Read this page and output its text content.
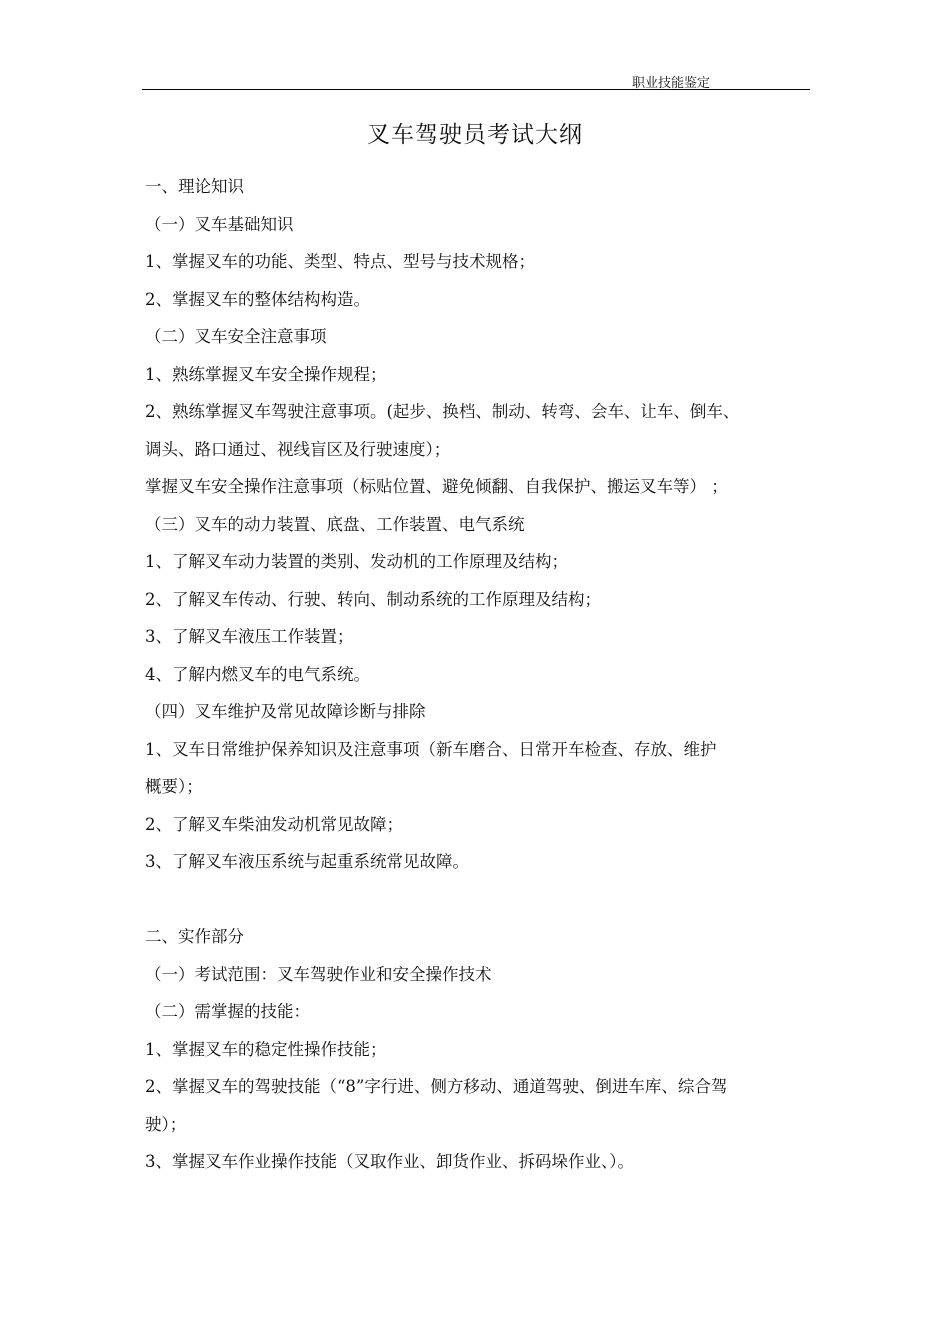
职业技能鉴定
叉车驾驶员考试大纲
一、理论知识
（一）叉车基础知识
1、掌握叉车的功能、类型、特点、型号与技术规格；
2、掌握叉车的整体结构构造。
（二）叉车安全注意事项
1、熟练掌握叉车安全操作规程；
2、熟练掌握叉车驾驶注意事项。(起步、换档、制动、转弯、会车、让车、倒车、
调头、路口通过、视线盲区及行驶速度）；
掌握叉车安全操作注意事项（标贴位置、避免倾翻、自我保护、搬运叉车等） ；
（三）叉车的动力装置、底盘、工作装置、电气系统
1、了解叉车动力装置的类别、发动机的工作原理及结构；
2、了解叉车传动、行驶、转向、制动系统的工作原理及结构；
3、了解叉车液压工作装置；
4、了解内燃叉车的电气系统。
（四）叉车维护及常见故障诊断与排除
1、叉车日常维护保养知识及注意事项（新车磨合、日常开车检查、存放、维护
概要）；
2、了解叉车柴油发动机常见故障；
3、了解叉车液压系统与起重系统常见故障。
二、实作部分
（一）考试范围：叉车驾驶作业和安全操作技术
（二）需掌握的技能：
1、掌握叉车的稳定性操作技能；
2、掌握叉车的驾驶技能（“8”字行进、侧方移动、通道驾驶、倒进车库、综合驾
驶）；
3、掌握叉车作业操作技能（叉取作业、卸货作业、拆码垛作业、）。
